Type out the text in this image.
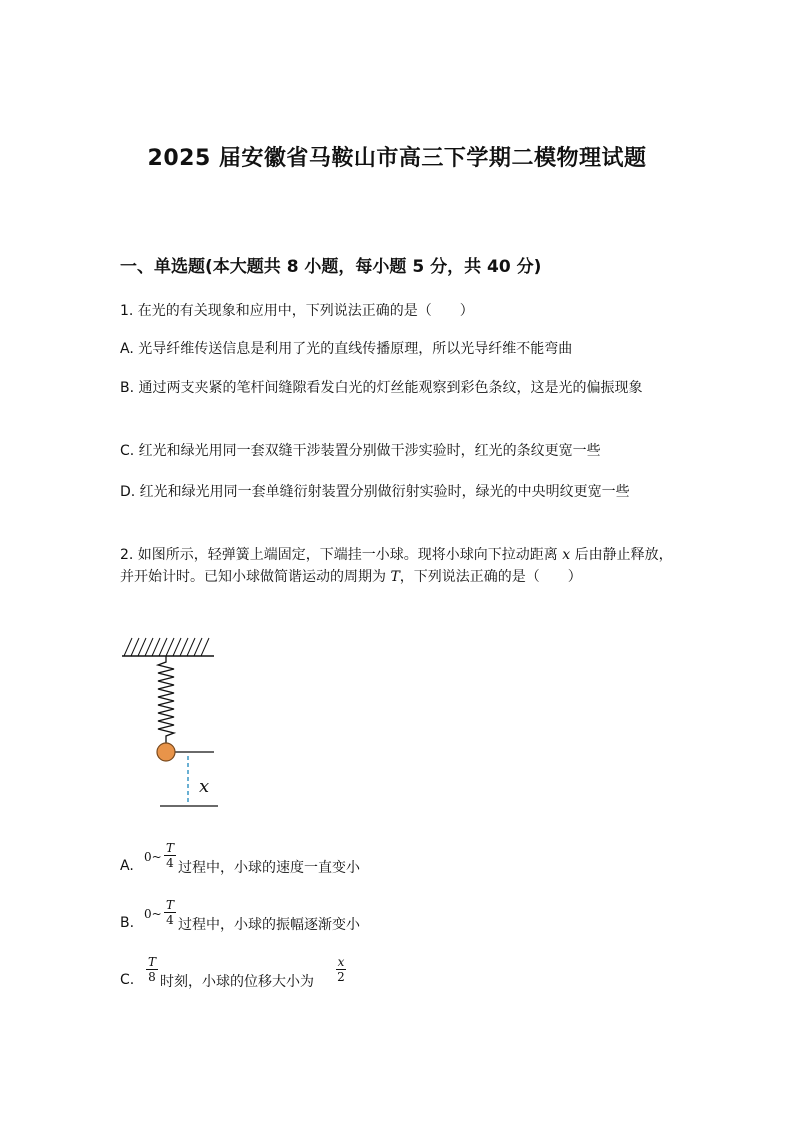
2025 届安徽省马鞍山市高三下学期二模物理试题
一、单选题(本大题共 8 小题，每小题 5 分，共 40 分)
1. 在光的有关现象和应用中，下列说法正确的是（　　）
A. 光导纤维传送信息是利用了光的直线传播原理，所以光导纤维不能弯曲
B. 通过两支夹紧的笔杆间缝隙看发白光的灯丝能观察到彩色条纹，这是光的偏振现象
C. 红光和绿光用同一套双缝干涉装置分别做干涉实验时，红光的条纹更宽一些
D. 红光和绿光用同一套单缝衍射装置分别做衍射实验时，绿光的中央明纹更宽一些
2. 如图所示，轻弹簧上端固定，下端挂一小球。现将小球向下拉动距离 x 后由静止释放，并开始计时。已知小球做简谐运动的周期为 T，下列说法正确的是（　　）
x
A.
0~
T
4 过程中，小球的速度一直变小
B.
0~
T
4 过程中，小球的振幅逐渐变小
C.
T
8 时刻，小球的位移大小为
x
2
